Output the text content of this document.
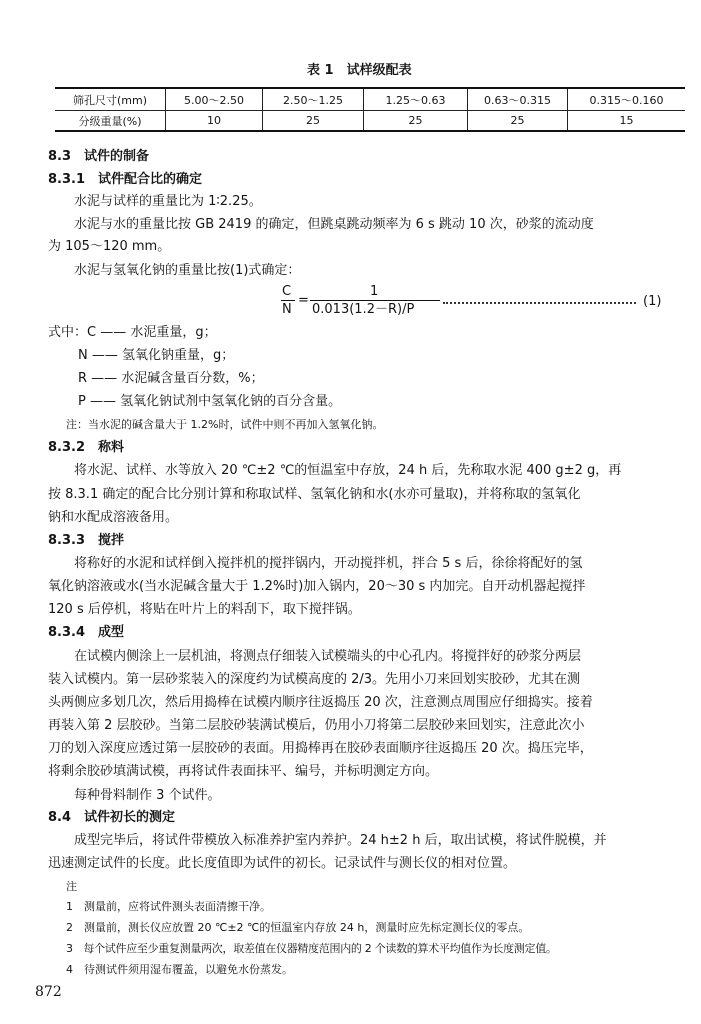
表 1　试样级配表
筛孔尺寸(mm)	5.00～2.50	2.50～1.25	1.25～0.63	0.63～0.315	0.315～0.160
分级重量(%)	10	25	25	25	15
8.3　试件的制备
8.3.1　试件配合比的确定
水泥与试样的重量比为 1∶2.25。
水泥与水的重量比按 GB 2419 的确定，但跳桌跳动频率为 6 s 跳动 10 次，砂浆的流动度
为 105～120 mm。
水泥与氢氧化钠的重量比按(1)式确定：
C
N
=
1
0.013(1.2－R)/P
(1)
式中：C —— 水泥重量，g；
N —— 氢氧化钠重量，g；
R —— 水泥碱含量百分数，%；
P —— 氢氧化钠试剂中氢氧化钠的百分含量。
注：当水泥的碱含量大于 1.2%时，试件中则不再加入氢氧化钠。
8.3.2　称料
将水泥、试样、水等放入 20 ℃±2 ℃的恒温室中存放，24 h 后，先称取水泥 400 g±2 g，再
按 8.3.1 确定的配合比分别计算和称取试样、氢氧化钠和水(水亦可量取)，并将称取的氢氧化
钠和水配成溶液备用。
8.3.3　搅拌
将称好的水泥和试样倒入搅拌机的搅拌锅内，开动搅拌机，拌合 5 s 后，徐徐将配好的氢
氧化钠溶液或水(当水泥碱含量大于 1.2%时)加入锅内，20～30 s 内加完。自开动机器起搅拌
120 s 后停机，将贴在叶片上的料刮下，取下搅拌锅。
8.3.4　成型
在试模内侧涂上一层机油，将测点仔细装入试模端头的中心孔内。将搅拌好的砂浆分两层
装入试模内。第一层砂浆装入的深度约为试模高度的 2/3。先用小刀来回划实胶砂，尤其在测
头两侧应多划几次，然后用捣棒在试模内顺序往返捣压 20 次，注意测点周围应仔细捣实。接着
再装入第 2 层胶砂。当第二层胶砂装满试模后，仍用小刀将第二层胶砂来回划实，注意此次小
刀的划入深度应透过第一层胶砂的表面。用捣棒再在胶砂表面顺序往返捣压 20 次。捣压完毕，
将剩余胶砂填满试模，再将试件表面抹平、编号，并标明测定方向。
每种骨料制作 3 个试件。
8.4　试件初长的测定
成型完毕后，将试件带模放入标准养护室内养护。24 h±2 h 后，取出试模，将试件脱模，并
迅速测定试件的长度。此长度值即为试件的初长。记录试件与测长仪的相对位置。
注
1　测量前，应将试件测头表面清擦干净。
2　测量前，测长仪应放置 20 ℃±2 ℃的恒温室内存放 24 h，测量时应先标定测长仪的零点。
3　每个试件应至少重复测量两次，取差值在仪器精度范围内的 2 个读数的算术平均值作为长度测定值。
4　待测试件须用湿布覆盖，以避免水份蒸发。
872
